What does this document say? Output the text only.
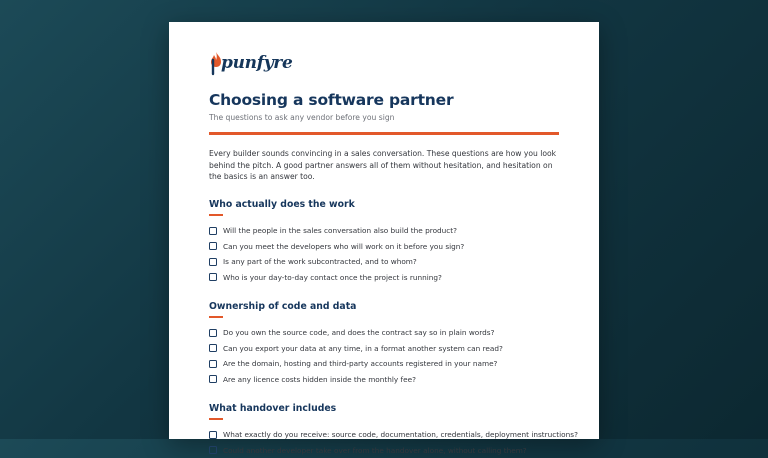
punfyre
Choosing a software partner
The questions to ask any vendor before you sign
Every builder sounds convincing in a sales conversation. These questions are how you look behind the pitch. A good partner answers all of them without hesitation, and hesitation on the basics is an answer too.
Who actually does the work
Will the people in the sales conversation also build the product?
Can you meet the developers who will work on it before you sign?
Is any part of the work subcontracted, and to whom?
Who is your day-to-day contact once the project is running?
Ownership of code and data
Do you own the source code, and does the contract say so in plain words?
Can you export your data at any time, in a format another system can read?
Are the domain, hosting and third-party accounts registered in your name?
Are any licence costs hidden inside the monthly fee?
What handover includes
What exactly do you receive: source code, documentation, credentials, deployment instructions?
Could another developer take over from the handover alone, without calling them?
